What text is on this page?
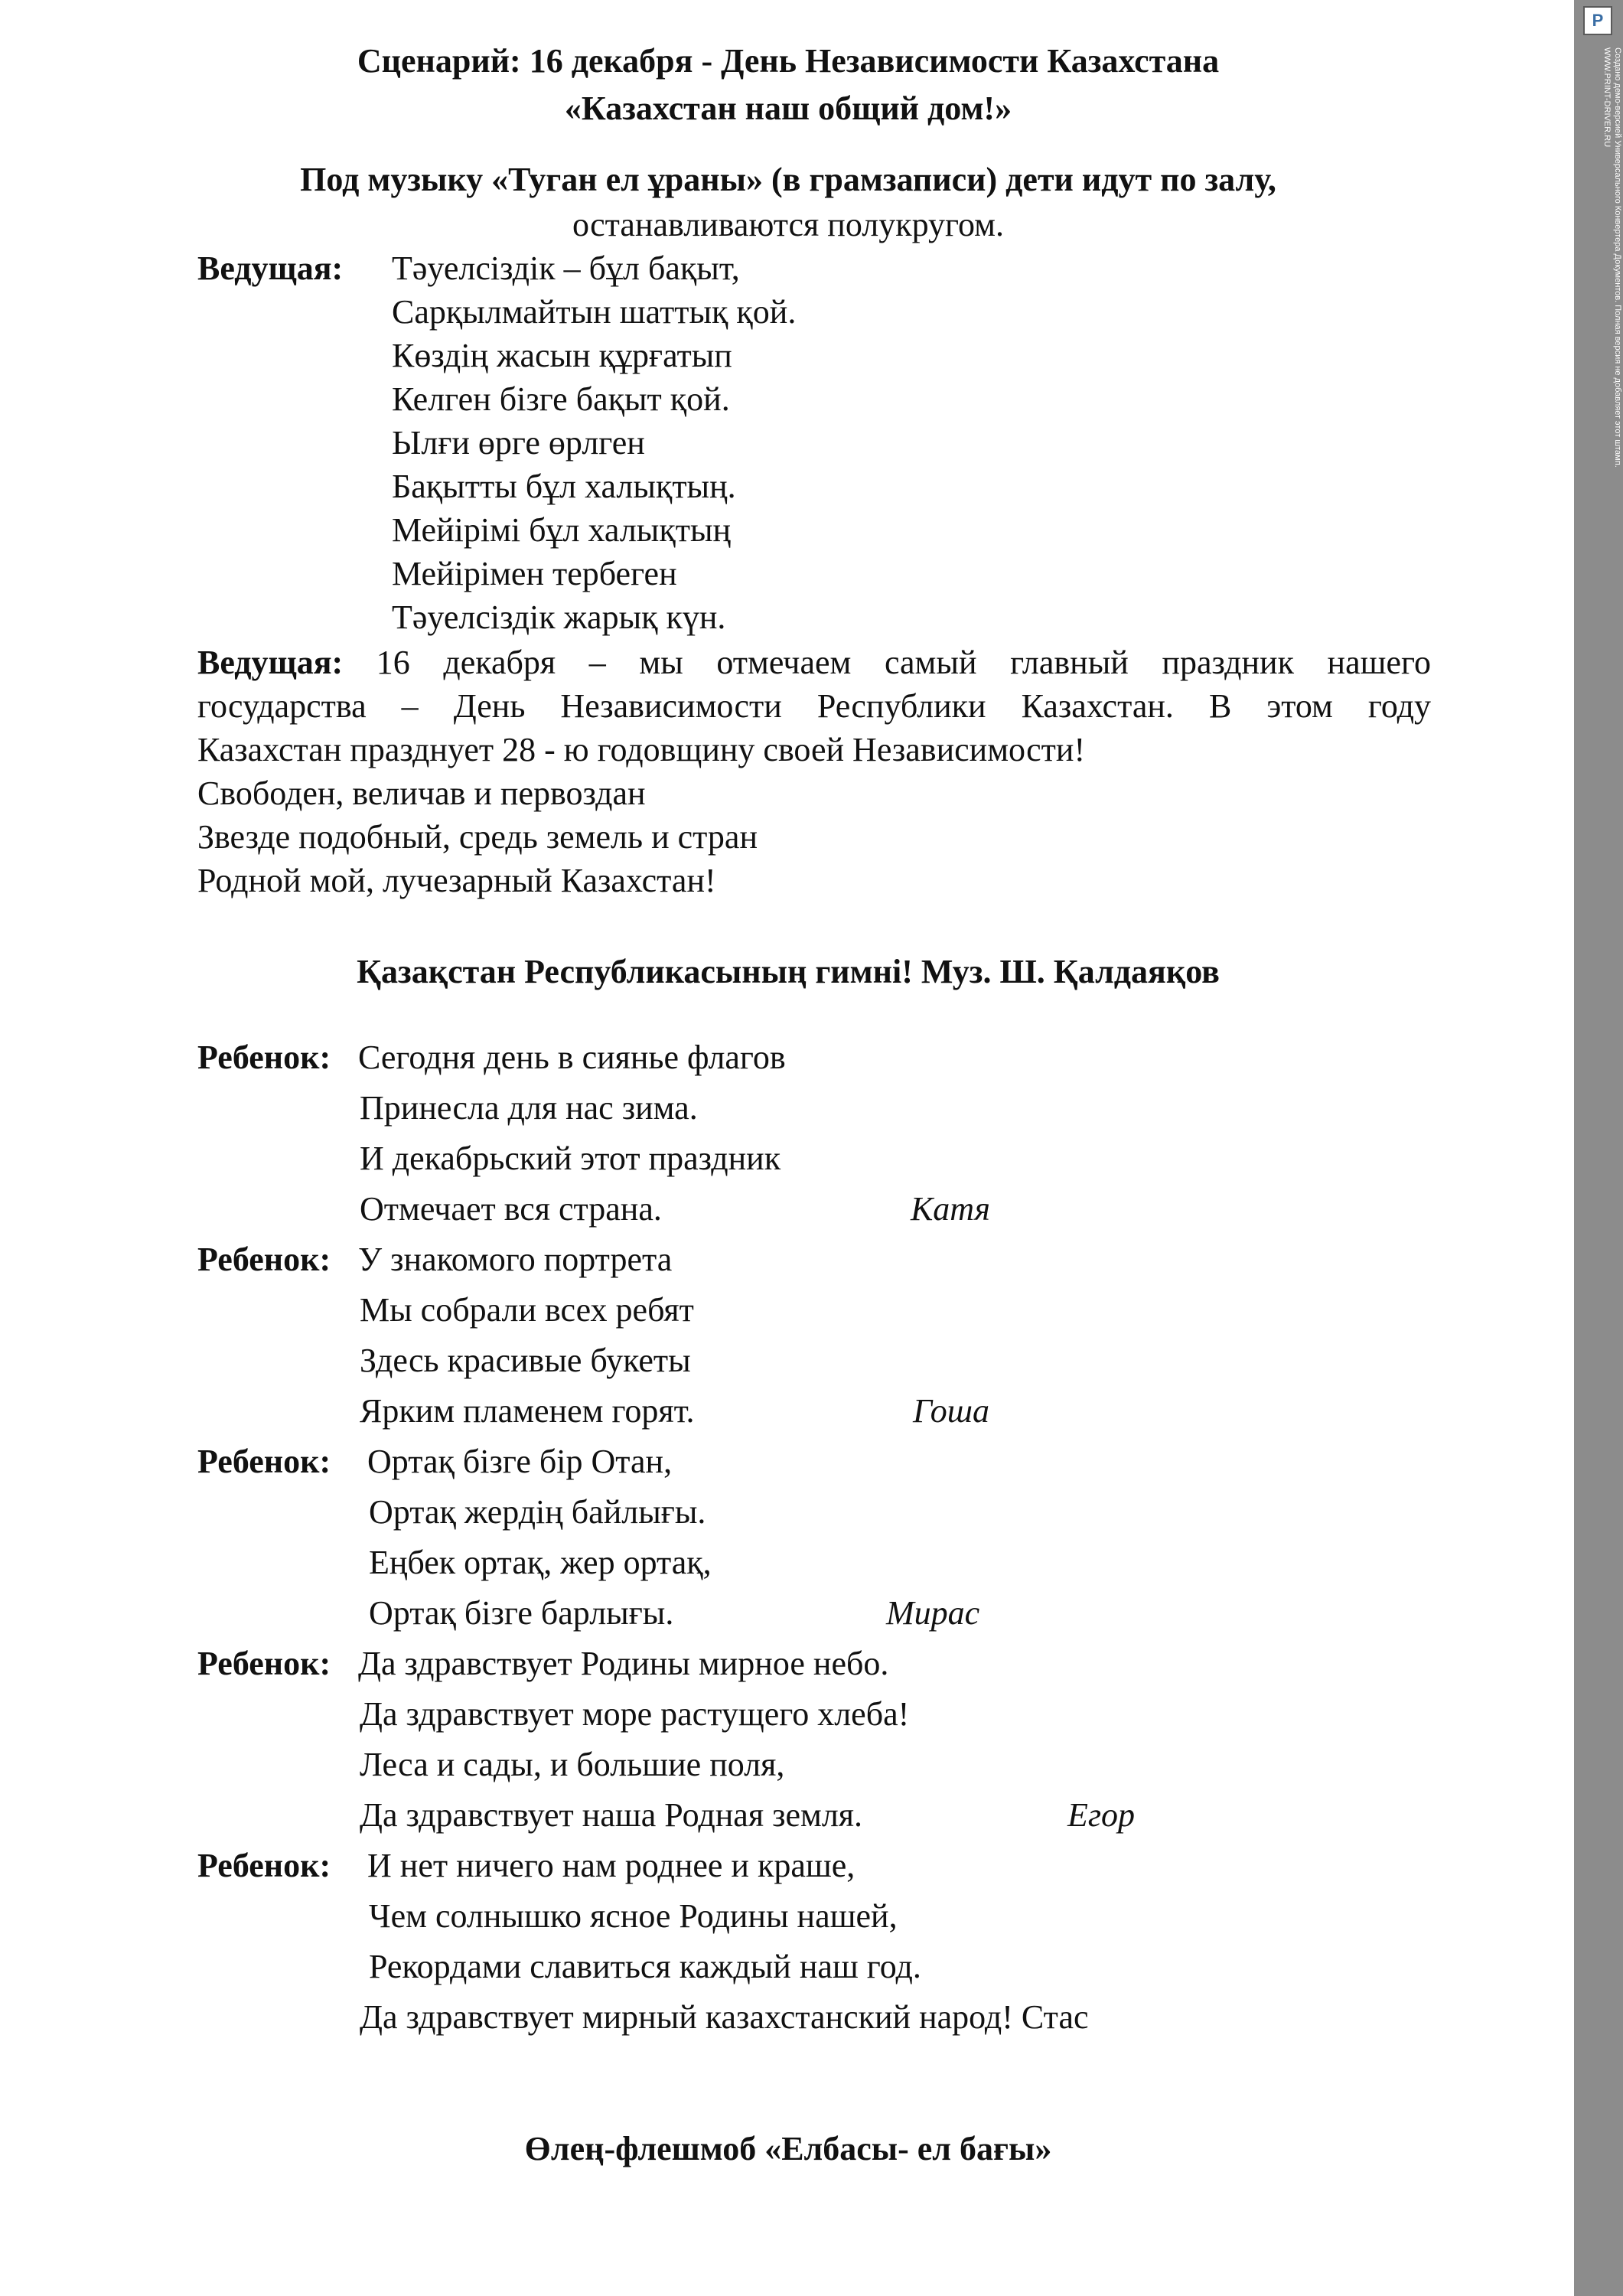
Сценарий: 16 декабря - День Независимости Казахстана
«Казахстан наш общий дом!»
Под музыку «Туган ел ұраны» (в грамзаписи) дети идут по залу,
останавливаются полукругом.
Ведущая: Тәуелсіздік – бұл бақыт,
Сарқылмайтын шаттық қой.
Көздің жасын құрғатып
Келген бізге бақыт қой.
Ылғи өрге өрлген
Бақытты бұл халықтың.
Мейірімі бұл халықтың
Мейірімен тербеген
Тәуелсіздік жарық күн.
Ведущая: 16 декабря – мы отмечаем самый главный праздник нашего
государства – День Независимости Республики Казахстан. В этом году
Казахстан празднует 28 - ю годовщину своей Независимости!
Свободен, величав и первоздан
Звезде подобный, средь земель и стран
Родной мой, лучезарный Казахстан!
Қазақстан Республикасының гимні! Муз. Ш. Қалдаяқов
Ребенок: Сегодня день в сиянье флагов
Принесла для нас зима.
И декабрьский этот праздник
Отмечает вся страна.	Катя
Ребенок: У знакомого портрета
Мы собрали всех ребят
Здесь красивые букеты
Ярким пламенем горят.	Гоша
Ребенок: Ортақ бізге бір Отан,
Ортақ жердің байлығы.
Еңбек ортақ, жер ортақ,
Ортақ бізге барлығы.	Мирас
Ребенок: Да здравствует Родины мирное небо.
Да здравствует море растущего хлеба!
Леса и сады, и большие поля,
Да здравствует наша Родная земля.	Егор
Ребенок: И нет ничего нам роднее и краше,
Чем солнышко ясное Родины нашей,
Рекордами славиться каждый наш год.
Да здравствует мирный казахстанский народ! Стас
Өлең-флешмоб «Елбасы- ел бағы»
P
Создано демо-версией Универсального Конвертера Документов. Полная версия не добавляет этот штамп.
WWW.PRINT-DRIVER.RU
